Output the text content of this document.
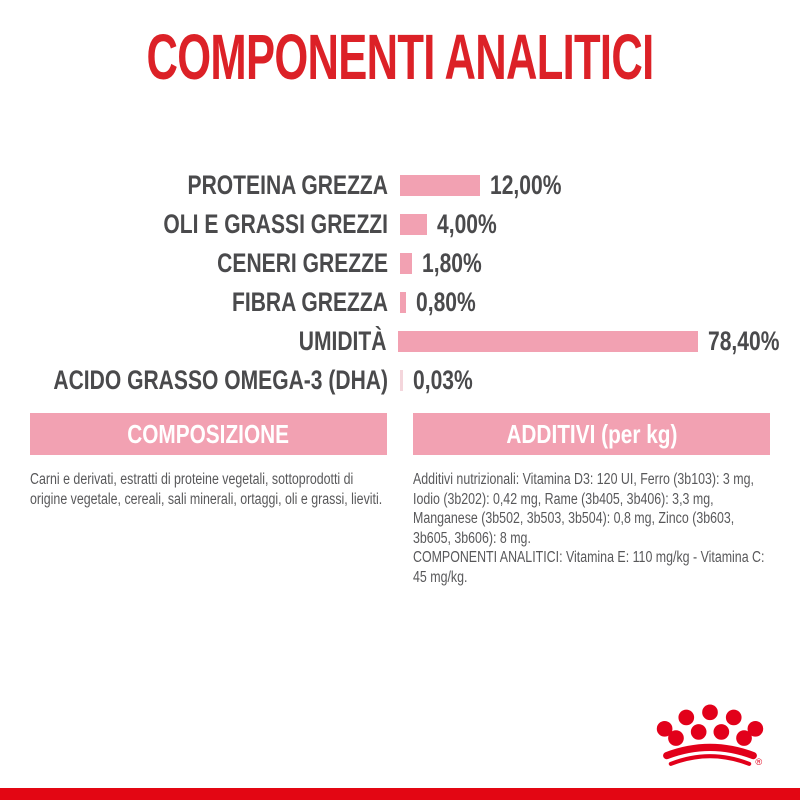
COMPONENTI ANALITICI
PROTEINA GREZZA	12,00%
OLI E GRASSI GREZZI 4,00%
CENERI GREZZE 1,80%
FIBRA GREZZA 0,80%
UMIDITÀ	78,40%
ACIDO GRASSO OMEGA-3 (DHA) 0,03%
COMPOSIZIONE

Carni e derivati, estratti di proteine vegetali, sottoprodotti di origine vegetale, cereali, sali minerali, ortaggi, oli e grassi, lieviti.

ADDITIVI (per kg)

Additivi nutrizionali: Vitamina D3: 120 UI, Ferro (3b103): 3 mg, Iodio (3b202): 0,42 mg, Rame (3b405, 3b406): 3,3 mg, Manganese (3b502, 3b503, 3b504): 0,8 mg, Zinco (3b603, 3b605, 3b606): 8 mg.

COMPONENTI ANALITICI: Vitamina E: 110 mg/kg - Vitamina C: 45 mg/kg.

®
